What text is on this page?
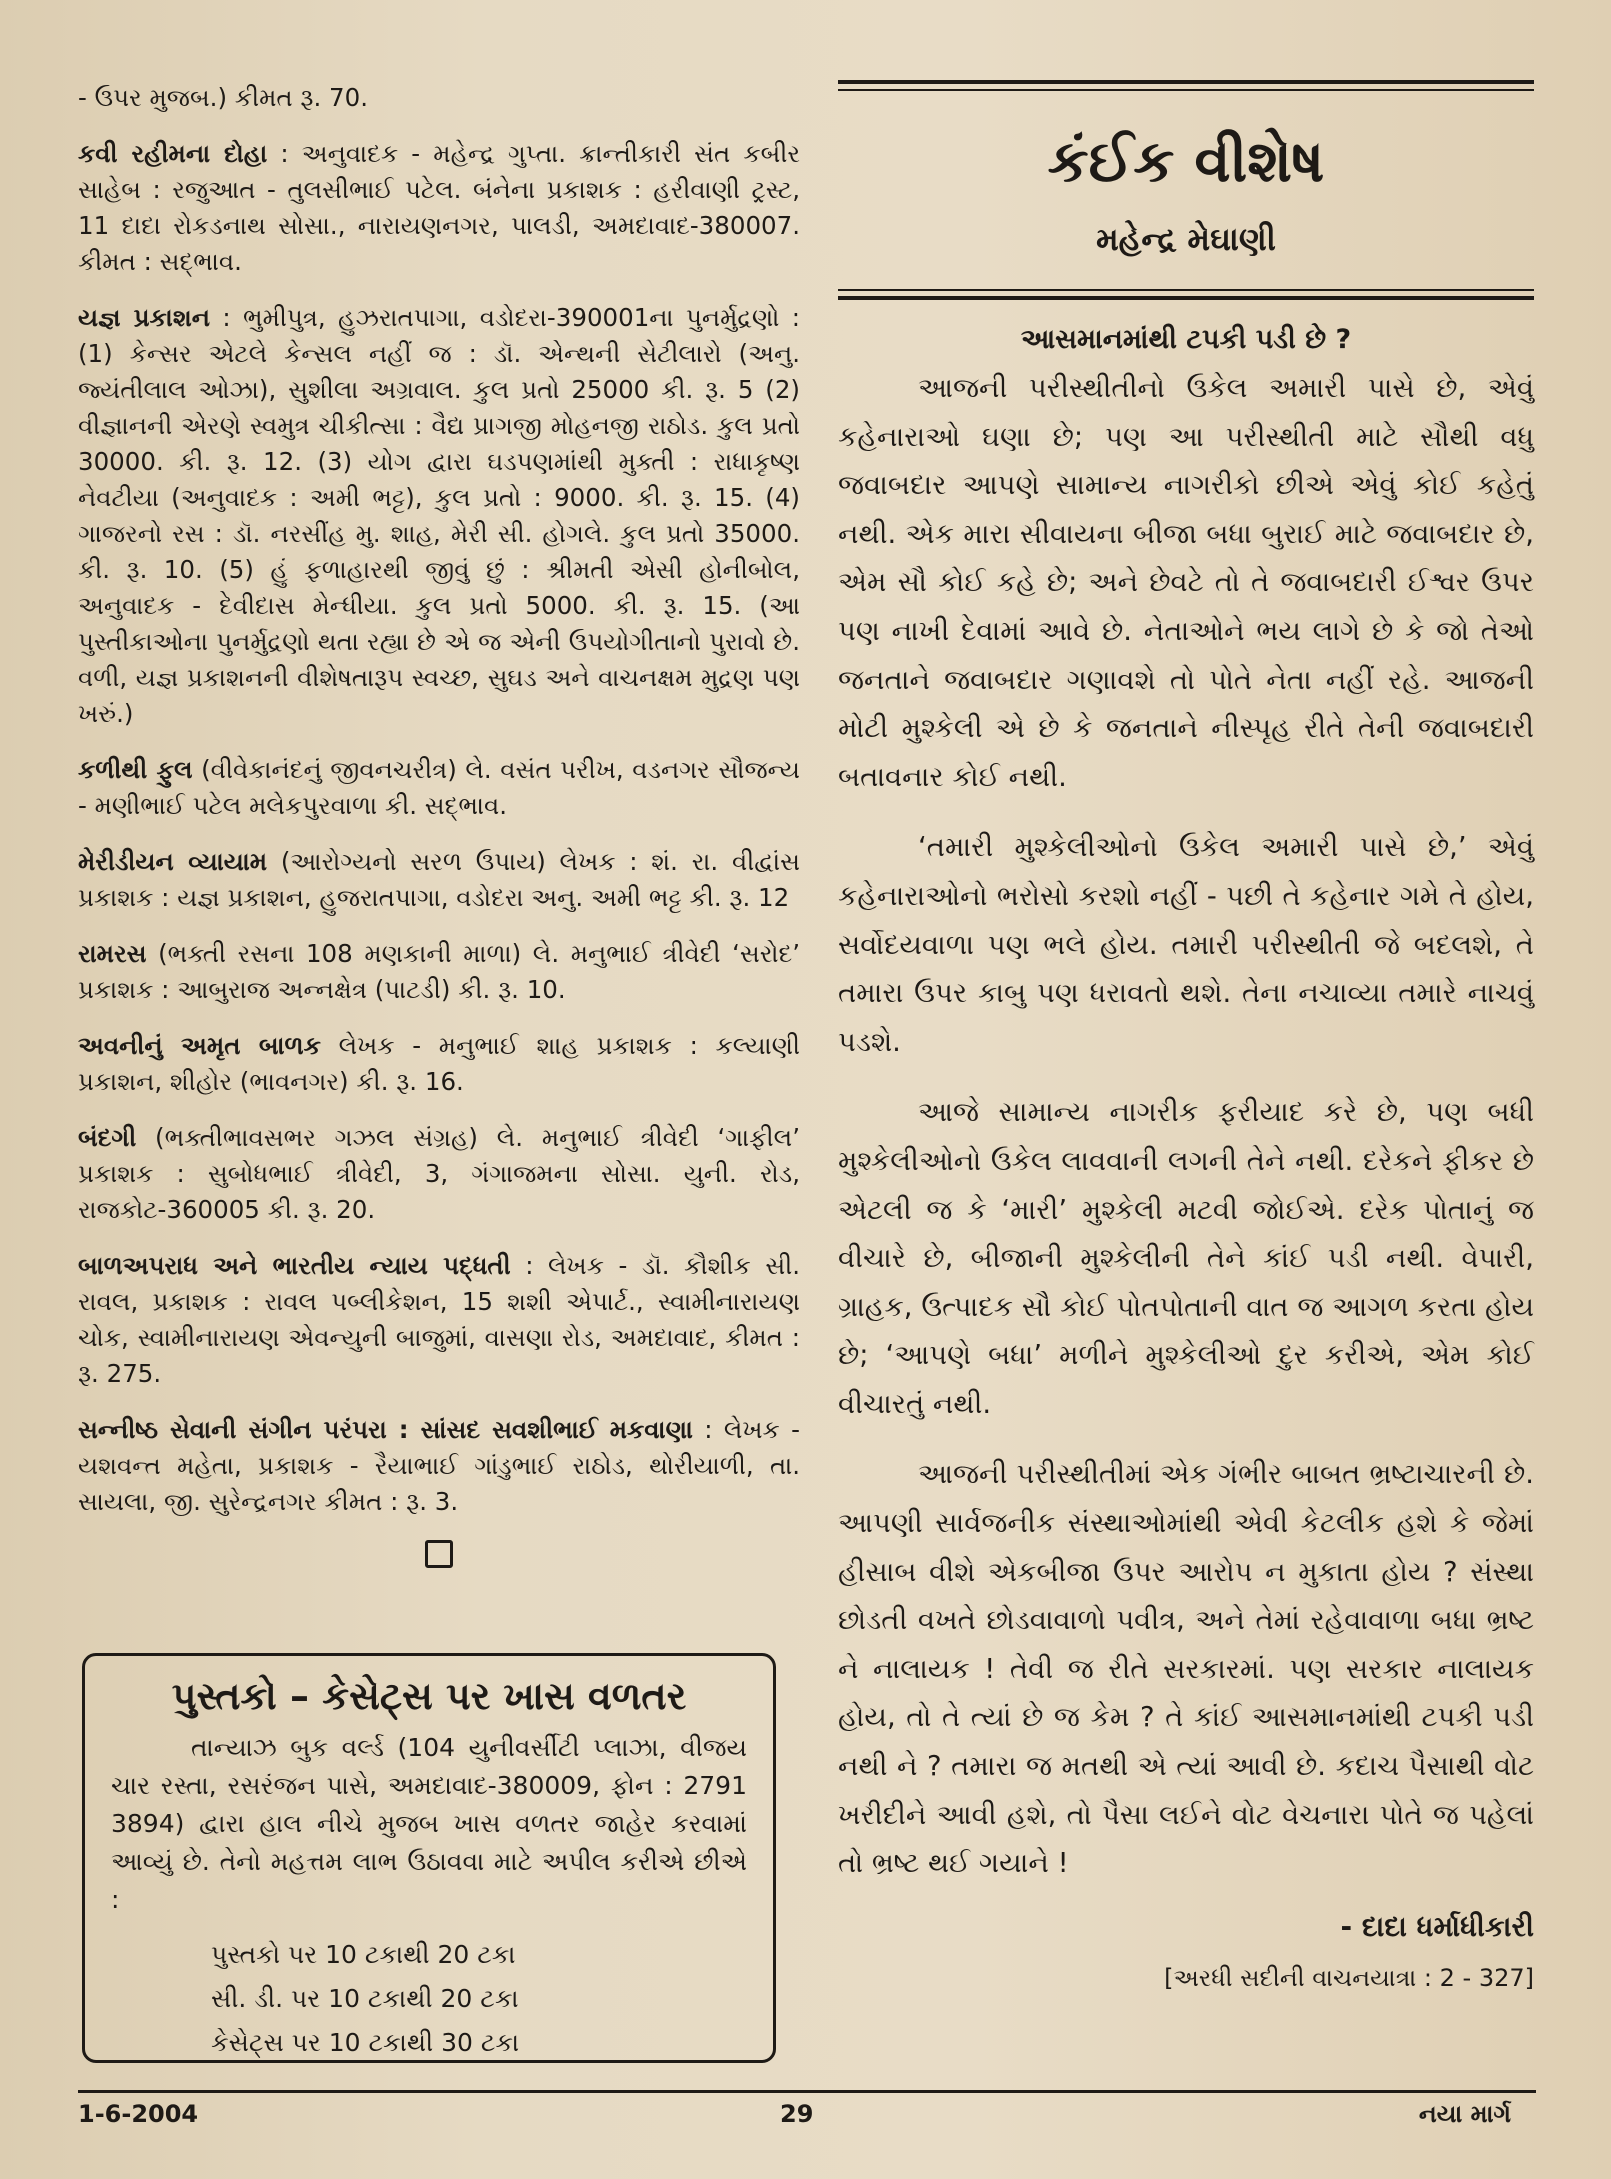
- ઉપર મુજબ.) કીમત રૂ. 70.

કવી રહીમના દોહા : અનુવાદક - મહેન્દ્ર ગુપ્તા. ક્રાન્તીકારી સંત કબીર સાહેબ : રજુઆત - તુલસીભાઈ પટેલ. બંનેના પ્રકાશક : હરીવાણી ટ્રસ્ટ, 11 દાદા રોકડનાથ સોસા., નારાયણનગર, પાલડી, અમદાવાદ-380007. કીમત : સદ્ભાવ.

યજ્ઞ પ્રકાશન : ભુમીપુત્ર, હુઝરાતપાગા, વડોદરા-390001ના પુનર્મુદ્રણો : (1) કેન્સર એટલે કેન્સલ નહીં જ : ડૉ. એન્થની સેટીલારો (અનુ. જ્યંતીલાલ ઓઝા), સુશીલા અગ્રવાલ. કુલ પ્રતો 25000 કી. રૂ. 5 (2) વીજ્ઞાનની એરણે સ્વમુત્ર ચીકીત્સા : વૈદ્ય પ્રાગજી મોહનજી રાઠોડ. કુલ પ્રતો 30000. કી. રૂ. 12. (3) યોગ દ્વારા ઘડપણમાંથી મુક્તી : રાધાકૃષ્ણ નેવટીયા (અનુવાદક : અમી ભટ્ટ), કુલ પ્રતો : 9000. કી. રૂ. 15. (4) ગાજરનો રસ : ડૉ. નરસીંહ મુ. શાહ, મેરી સી. હોગલે. કુલ પ્રતો 35000. કી. રૂ. 10. (5) હું ફળાહારથી જીવું છું : શ્રીમતી એસી હોનીબોલ, અનુવાદક - દેવીદાસ મેન્ધીયા. કુલ પ્રતો 5000. કી. રૂ. 15. (આ પુસ્તીકાઓના પુનર્મુદ્રણો થતા રહ્યા છે એ જ એની ઉપયોગીતાનો પુરાવો છે. વળી, યજ્ઞ પ્રકાશનની વીશેષતારૂપ સ્વચ્છ, સુઘડ અને વાચનક્ષમ મુદ્રણ પણ ખરું.)

કળીથી ફુલ (વીવેકાનંદનું જીવનચરીત્ર) લે. વસંત પરીખ, વડનગર સૌજન્ય - મણીભાઈ પટેલ મલેકપુરવાળા કી. સદ્ભાવ.

મેરીડીયન વ્યાયામ (આરોગ્યનો સરળ ઉપાય) લેખક : શં. રા. વીદ્વાંસ પ્રકાશક : યજ્ઞ પ્રકાશન, હુજરાતપાગા, વડોદરા અનુ. અમી ભટ્ટ કી. રૂ. 12

રામરસ (ભક્તી રસના 108 મણકાની માળા) લે. મનુભાઈ ત્રીવેદી ‘સરોદ’ પ્રકાશક : આબુરાજ અન્નક્ષેત્ર (પાટડી) કી. રૂ. 10.

અવનીનું અમૃત બાળક લેખક - મનુભાઈ શાહ પ્રકાશક : કલ્યાણી પ્રકાશન, શીહોર (ભાવનગર) કી. રૂ. 16.

બંદગી (ભક્તીભાવસભર ગઝલ સંગ્રહ) લે. મનુભાઈ ત્રીવેદી ‘ગાફીલ’ પ્રકાશક : સુબોધભાઈ ત્રીવેદી, 3, ગંગાજમના સોસા. યુની. રોડ, રાજકોટ-360005 કી. રૂ. 20.

બાળઅપરાધ અને ભારતીય ન્યાય પદ્ધતી : લેખક - ડૉ. કૌશીક સી. રાવલ, પ્રકાશક : રાવલ પબ્લીકેશન, 15 શશી એપાર્ટ., સ્વામીનારાયણ ચોક, સ્વામીનારાયણ એવન્યુની બાજુમાં, વાસણા રોડ, અમદાવાદ, કીમત : રૂ. 275.

સન્નીષ્ઠ સેવાની સંગીન પરંપરા : સાંસદ સવશીભાઈ મકવાણા : લેખક - યશવન્ત મહેતા, પ્રકાશક - રૈયાભાઈ ગાંડુભાઈ રાઠોડ, થોરીયાળી, તા. સાયલા, જી. સુરેન્દ્રનગર કીમત : રૂ. 3.

પુસ્તકો – કેસેટ્સ પર ખાસ વળતર

તાન્યાઝ બુક વર્લ્ડ (104 યુનીવર્સીટી પ્લાઝા, વીજય ચાર રસ્તા, રસરંજન પાસે, અમદાવાદ-380009, ફોન : 2791 3894) દ્વારા હાલ નીચે મુજબ ખાસ વળતર જાહેર કરવામાં આવ્યું છે. તેનો મહત્તમ લાભ ઉઠાવવા માટે અપીલ કરીએ છીએ :

પુસ્તકો પર 10 ટકાથી 20 ટકા
સી. ડી. પર 10 ટકાથી 20 ટકા
કેસેટ્સ પર 10 ટકાથી 30 ટકા
કંઈક વીશેષ
મહેન્દ્ર મેઘાણી
આસમાનમાંથી ટપકી પડી છે ?

આજની પરીસ્થીતીનો ઉકેલ અમારી પાસે છે, એવું કહેનારાઓ ઘણા છે; પણ આ પરીસ્થીતી માટે સૌથી વધુ જવાબદાર આપણે સામાન્ય નાગરીકો છીએ એવું કોઈ કહેતું નથી. એક મારા સીવાયના બીજા બધા બુરાઈ માટે જવાબદાર છે, એમ સૌ કોઈ કહે છે; અને છેવટે તો તે જવાબદારી ઈશ્વર ઉપર પણ નાખી દેવામાં આવે છે. નેતાઓને ભય લાગે છે કે જો તેઓ જનતાને જવાબદાર ગણાવશે તો પોતે નેતા નહીં રહે. આજની મોટી મુશ્કેલી એ છે કે જનતાને નીસ્પૃહ રીતે તેની જવાબદારી બતાવનાર કોઈ નથી.

‘તમારી મુશ્કેલીઓનો ઉકેલ અમારી પાસે છે,’ એવું કહેનારાઓનો ભરોસો કરશો નહીં - પછી તે કહેનાર ગમે તે હોય, સર્વોદયવાળા પણ ભલે હોય. તમારી પરીસ્થીતી જે બદલશે, તે તમારા ઉપર કાબુ પણ ધરાવતો થશે. તેના નચાવ્યા તમારે નાચવું પડશે.

આજે સામાન્ય નાગરીક ફરીયાદ કરે છે, પણ બધી મુશ્કેલીઓનો ઉકેલ લાવવાની લગની તેને નથી. દરેકને ફીકર છે એટલી જ કે ‘મારી’ મુશ્કેલી મટવી જોઈએ. દરેક પોતાનું જ વીચારે છે, બીજાની મુશ્કેલીની તેને કાંઈ પડી નથી. વેપારી, ગ્રાહક, ઉત્પાદક સૌ કોઈ પોતપોતાની વાત જ આગળ કરતા હોય છે; ‘આપણે બધા’ મળીને મુશ્કેલીઓ દુર કરીએ, એમ કોઈ વીચારતું નથી.

આજની પરીસ્થીતીમાં એક ગંભીર બાબત ભ્રષ્ટાચારની છે. આપણી સાર્વજનીક સંસ્થાઓમાંથી એવી કેટલીક હશે કે જેમાં હીસાબ વીશે એકબીજા ઉપર આરોપ ન મુકાતા હોય ? સંસ્થા છોડતી વખતે છોડવાવાળો પવીત્ર, અને તેમાં રહેવાવાળા બધા ભ્રષ્ટ ને નાલાયક ! તેવી જ રીતે સરકારમાં. પણ સરકાર નાલાયક હોય, તો તે ત્યાં છે જ કેમ ? તે કાંઈ આસમાનમાંથી ટપકી પડી નથી ને ? તમારા જ મતથી એ ત્યાં આવી છે. કદાચ પૈસાથી વોટ ખરીદીને આવી હશે, તો પૈસા લઈને વોટ વેચનારા પોતે જ પહેલાં તો ભ્રષ્ટ થઈ ગયાને !

- દાદા ધર્માધીકારી
[અરધી સદીની વાચનયાત્રા : 2 - 327]
1-6-2004	29	નયા માર્ગ
